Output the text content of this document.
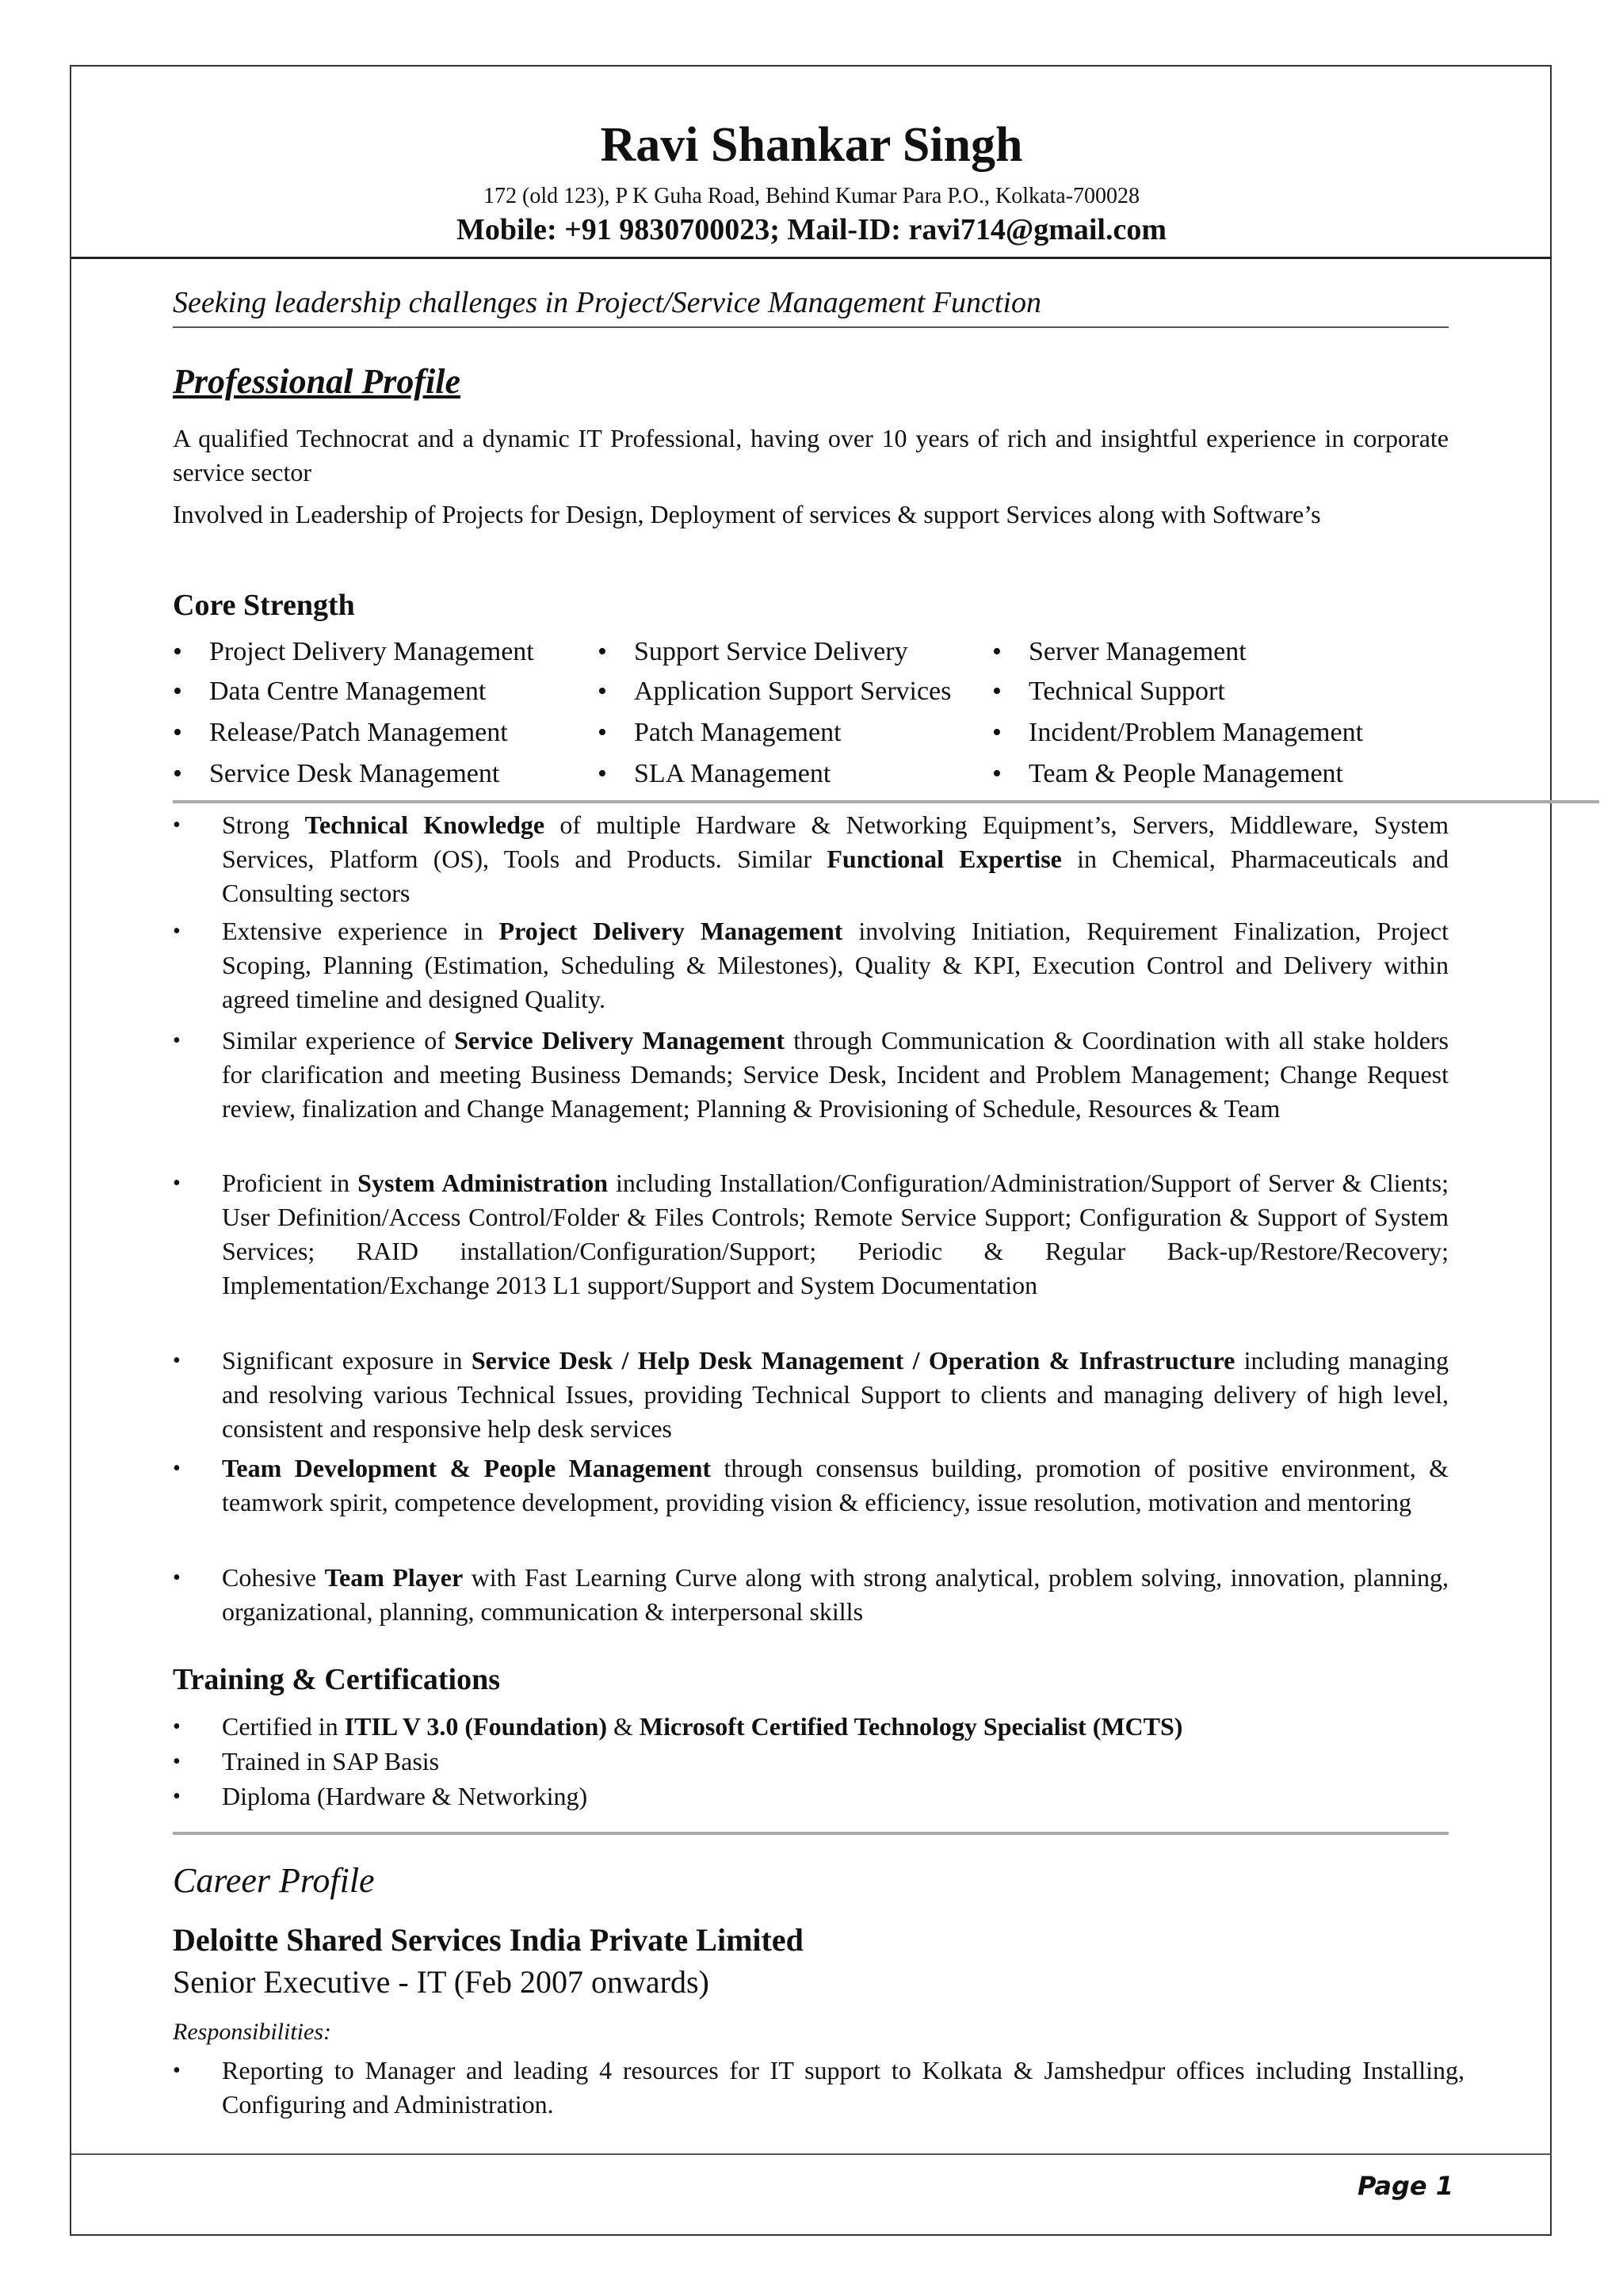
Ravi Shankar Singh
172 (old 123), P K Guha Road, Behind Kumar Para P.O., Kolkata-700028
Mobile: +91 9830700023; Mail-ID: ravi714@gmail.com
Seeking leadership challenges in Project/Service Management Function
Professional Profile
A qualified Technocrat and a dynamic IT Professional, having over 10 years of rich and insightful experience in corporate service sector
Involved in Leadership of Projects for Design, Deployment of services & support Services along with Software’s
Core Strength
• Project Delivery Management
• Data Centre Management
• Release/Patch Management
• Service Desk Management
• Support Service Delivery
• Application Support Services
• Patch Management
• SLA Management
• Server Management
• Technical Support
• Incident/Problem Management
• Team & People Management
• Strong Technical Knowledge of multiple Hardware & Networking Equipment’s, Servers, Middleware, System Services, Platform (OS), Tools and Products. Similar Functional Expertise in Chemical, Pharmaceuticals and Consulting sectors
• Extensive experience in Project Delivery Management involving Initiation, Requirement Finalization, Project Scoping, Planning (Estimation, Scheduling & Milestones), Quality & KPI, Execution Control and Delivery within agreed timeline and designed Quality.
• Similar experience of Service Delivery Management through Communication & Coordination with all stake holders for clarification and meeting Business Demands; Service Desk, Incident and Problem Management; Change Request review, finalization and Change Management; Planning & Provisioning of Schedule, Resources & Team
• Proficient in System Administration including Installation/Configuration/Administration/Support of Server & Clients; User Definition/Access Control/Folder & Files Controls; Remote Service Support; Configuration & Support of System Services; RAID installation/Configuration/Support; Periodic & Regular Back-up/Restore/Recovery; Implementation/Exchange 2013 L1 support/Support and System Documentation
• Significant exposure in Service Desk / Help Desk Management / Operation & Infrastructure including managing and resolving various Technical Issues, providing Technical Support to clients and managing delivery of high level, consistent and responsive help desk services
• Team Development & People Management through consensus building, promotion of positive environment, & teamwork spirit, competence development, providing vision & efficiency, issue resolution, motivation and mentoring
• Cohesive Team Player with Fast Learning Curve along with strong analytical, problem solving, innovation, planning, organizational, planning, communication & interpersonal skills
Training & Certifications
• Certified in ITIL V 3.0 (Foundation) & Microsoft Certified Technology Specialist (MCTS)
• Trained in SAP Basis
• Diploma (Hardware & Networking)
Career Profile
Deloitte Shared Services India Private Limited
Senior Executive - IT (Feb 2007 onwards)
Responsibilities:
• Reporting to Manager and leading 4 resources for IT support to Kolkata & Jamshedpur offices including Installing, Configuring and Administration.
Page 1
